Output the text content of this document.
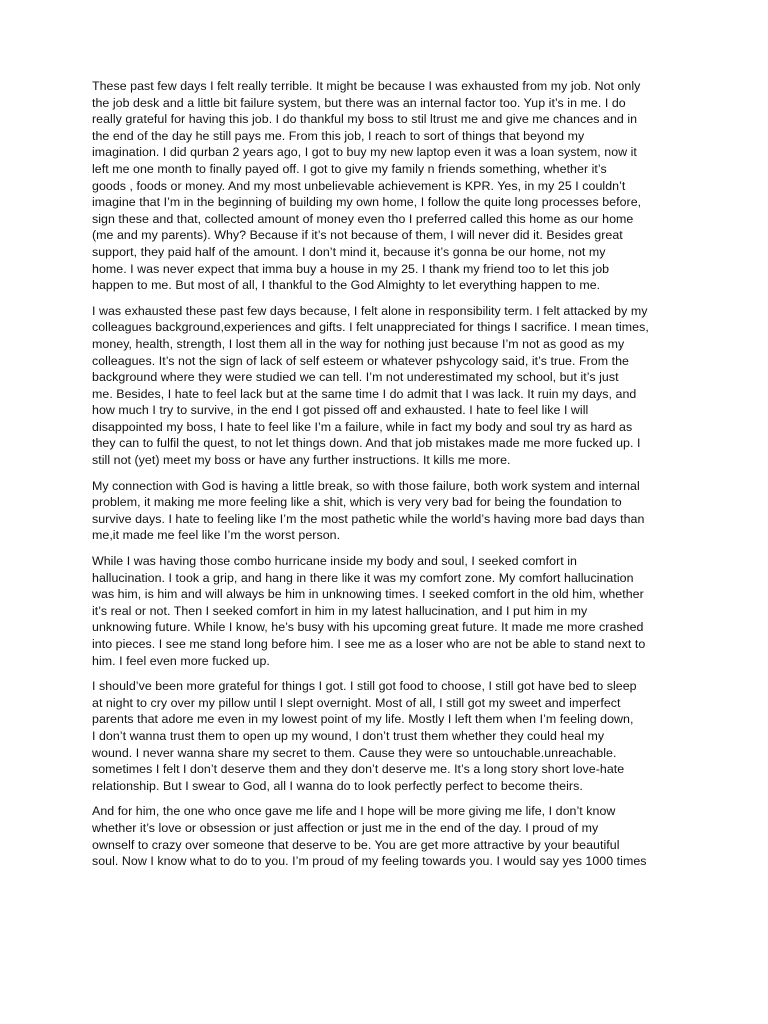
These past few days I felt really terrible. It might be because I was exhausted from my job. Not only
the job desk and a little bit failure system, but there was an internal factor too. Yup it’s in me. I do
really grateful for having this job. I do thankful my boss to stil ltrust me and give me chances and in
the end of the day he still pays me. From this job, I reach to sort of things that beyond my
imagination. I did qurban 2 years ago, I got to buy my new laptop even it was a loan system, now it
left me one month to finally payed off. I got to give my family n friends something, whether it’s
goods , foods or money. And my most unbelievable achievement is KPR. Yes, in my 25 I couldn’t
imagine that I’m in the beginning of building my own home, I follow the quite long processes before,
sign these and that, collected amount of money even tho I preferred called this home as our home
(me and my parents). Why? Because if it’s not because of them, I will never did it. Besides great
support, they paid half of the amount. I don’t mind it, because it’s gonna be our home, not my
home. I was never expect that imma buy a house in my 25. I thank my friend too to let this job
happen to me. But most of all, I thankful to the God Almighty to let everything happen to me.

I was exhausted these past few days because, I felt alone in responsibility term. I felt attacked by my
colleagues background,experiences and gifts. I felt unappreciated for things I sacrifice. I mean times,
money, health, strength, I lost them all in the way for nothing just because I’m not as good as my
colleagues. It’s not the sign of lack of self esteem or whatever pshycology said, it’s true. From the
background where they were studied we can tell. I’m not underestimated my school, but it’s just
me. Besides, I hate to feel lack but at the same time I do admit that I was lack. It ruin my days, and
how much I try to survive, in the end I got pissed off and exhausted. I hate to feel like I will
disappointed my boss, I hate to feel like I’m a failure, while in fact my body and soul try as hard as
they can to fulfil the quest, to not let things down. And that job mistakes made me more fucked up. I
still not (yet) meet my boss or have any further instructions. It kills me more.

My connection with God is having a little break, so with those failure, both work system and internal
problem, it making me more feeling like a shit, which is very very bad for being the foundation to
survive days. I hate to feeling like I’m the most pathetic while the world’s having more bad days than
me,it made me feel like I’m the worst person.

While I was having those combo hurricane inside my body and soul, I seeked comfort in
hallucination. I took a grip, and hang in there like it was my comfort zone. My comfort hallucination
was him, is him and will always be him in unknowing times. I seeked comfort in the old him, whether
it’s real or not. Then I seeked comfort in him in my latest hallucination, and I put him in my
unknowing future. While I know, he’s busy with his upcoming great future. It made me more crashed
into pieces. I see me stand long before him. I see me as a loser who are not be able to stand next to
him. I feel even more fucked up.

I should’ve been more grateful for things I got. I still got food to choose, I still got have bed to sleep
at night to cry over my pillow until I slept overnight. Most of all, I still got my sweet and imperfect
parents that adore me even in my lowest point of my life. Mostly I left them when I’m feeling down,
I don’t wanna trust them to open up my wound, I don’t trust them whether they could heal my
wound. I never wanna share my secret to them. Cause they were so untouchable.unreachable.
sometimes I felt I don’t deserve them and they don’t deserve me. It’s a long story short love-hate
relationship. But I swear to God, all I wanna do to look perfectly perfect to become theirs.

And for him, the one who once gave me life and I hope will be more giving me life, I don’t know
whether it’s love or obsession or just affection or just me in the end of the day. I proud of my
ownself to crazy over someone that deserve to be. You are get more attractive by your beautiful
soul. Now I know what to do to you. I’m proud of my feeling towards you. I would say yes 1000 times
